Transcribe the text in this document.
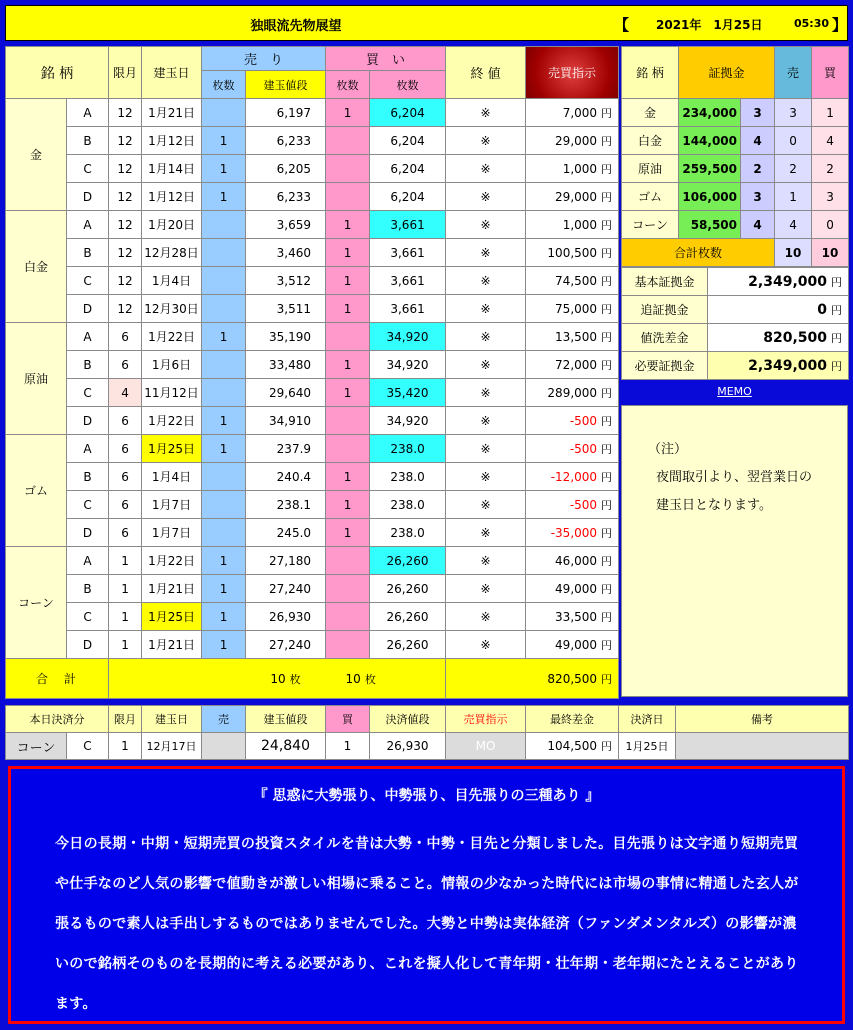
独眼流先物展望	【 2021年　1月25日	05:30 】
銘 柄		限月	建玉日	売　り		買　い		終 値	売買指示	
				枚数	建玉値段	枚数	枚数			
金	A	12	1月21日		6,197	1	6,204	※	7,000 円	
	B	12	1月12日	1	6,233		6,204	※	29,000 円	
	C	12	1月14日	1	6,205		6,204	※	1,000 円	
	D	12	1月12日	1	6,233		6,204	※	29,000 円	
白金	A	12	1月20日		3,659	1	3,661	※	1,000 円	
	B	12	12月28日		3,460	1	3,661	※	100,500 円	
	C	12	1月4日		3,512	1	3,661	※	74,500 円	
	D	12	12月30日		3,511	1	3,661	※	75,000 円	
原油	A	6	1月22日	1	35,190		34,920	※	13,500 円	
	B	6	1月6日		33,480	1	34,920	※	72,000 円	
	C	4	11月12日		29,640	1	35,420	※	289,000 円	
	D	6	1月22日	1	34,910		34,920	※	-500 円	
ゴム	A	6	1月25日	1	237.9		238.0	※	-500 円	
	B	6	1月4日		240.4	1	238.0	※	-12,000 円	
	C	6	1月7日		238.1	1	238.0	※	-500 円	
	D	6	1月7日		245.0	1	238.0	※	-35,000 円	
コーン	A	1	1月22日	1	27,180		26,260	※	46,000 円	
	B	1	1月21日	1	27,240		26,260	※	49,000 円	
	C	1	1月25日	1	26,930		26,260	※	33,500 円	
	D	1	1月21日	1	27,240		26,260	※	49,000 円	
合　計					10 枚	10 枚			820,500 円	
銘 柄	証拠金		売	買
金	234,000	3	3	1
白金	144,000	4	0	4
原油	259,500	2	2	2
ゴム	106,000	3	1	3
コーン	58,500	4	4	0
合計枚数			10	10
基本証拠金	2,349,000 円
追証拠金	0 円
値洗差金	820,500 円
必要証拠金	2,349,000 円
MEMO
（注）
夜間取引より、翌営業日の
建玉日となります。
本日決済分		限月	建玉日	売	建玉値段	買	決済値段	売買指示	最終差金	決済日	備考
コーン	C	1	12月17日		24,840	1	26,930	MO	104,500 円	1月25日	
『 思惑に大勢張り、中勢張り、目先張りの三種あり 』
今日の長期・中期・短期売買の投資スタイルを昔は大勢・中勢・目先と分類しました。目先張りは文字通り短期売買や仕手なのど人気の影響で値動きが激しい相場に乗ること。情報の少なかった時代には市場の事情に精通した玄人が張るもので素人は手出しするものではありませんでした。大勢と中勢は実体経済（ファンダメンタルズ）の影響が濃いので銘柄そのものを長期的に考える必要があり、これを擬人化して青年期・壮年期・老年期にたとえることがあります。
